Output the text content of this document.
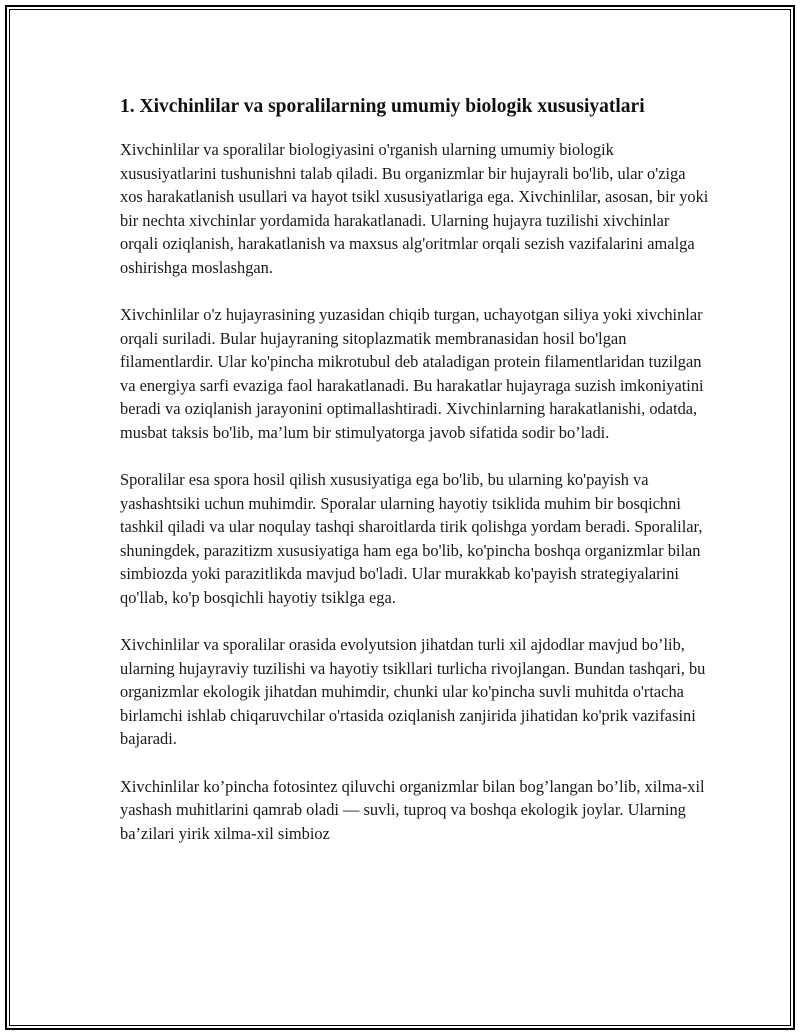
1. Xivchinlilar va sporalilarning umumiy biologik xususiyatlari

Xivchinlilar va sporalilar biologiyasini o'rganish ularning umumiy biologik xususiyatlarini tushunishni talab qiladi. Bu organizmlar bir hujayrali bo'lib, ular o'ziga xos harakatlanish usullari va hayot tsikl xususiyatlariga ega. Xivchinlilar, asosan, bir yoki bir nechta xivchinlar yordamida harakatlanadi. Ularning hujayra tuzilishi xivchinlar orqali oziqlanish, harakatlanish va maxsus alg'oritmlar orqali sezish vazifalarini amalga oshirishga moslashgan.

Xivchinlilar o'z hujayrasining yuzasidan chiqib turgan, uchayotgan siliya yoki xivchinlar orqali suriladi. Bular hujayraning sitoplazmatik membranasidan hosil bo'lgan filamentlardir. Ular ko'pincha mikrotubul deb ataladigan protein filamentlaridan tuzilgan va energiya sarfi evaziga faol harakatlanadi. Bu harakatlar hujayraga suzish imkoniyatini beradi va oziqlanish jarayonini optimallashtiradi. Xivchinlarning harakatlanishi, odatda, musbat taksis bo'lib, ma’lum bir stimulyatorga javob sifatida sodir bo’ladi.

Sporalilar esa spora hosil qilish xususiyatiga ega bo'lib, bu ularning ko'payish va yashashtsiki uchun muhimdir. Sporalar ularning hayotiy tsiklida muhim bir bosqichni tashkil qiladi va ular noqulay tashqi sharoitlarda tirik qolishga yordam beradi. Sporalilar, shuningdek, parazitizm xususiyatiga ham ega bo'lib, ko'pincha boshqa organizmlar bilan simbiozda yoki parazitlikda mavjud bo'ladi. Ular murakkab ko'payish strategiyalarini qo'llab, ko'p bosqichli hayotiy tsiklga ega.

Xivchinlilar va sporalilar orasida evolyutsion jihatdan turli xil ajdodlar mavjud bo’lib, ularning hujayraviy tuzilishi va hayotiy tsikllari turlicha rivojlangan. Bundan tashqari, bu organizmlar ekologik jihatdan muhimdir, chunki ular ko'pincha suvli muhitda o'rtacha birlamchi ishlab chiqaruvchilar o'rtasida oziqlanish zanjirida jihatidan ko'prik vazifasini bajaradi.

Xivchinlilar ko’pincha fotosintez qiluvchi organizmlar bilan bog’langan bo’lib, xilma-xil yashash muhitlarini qamrab oladi — suvli, tuproq va boshqa ekologik joylar. Ularning ba’zilari yirik xilma-xil simbioz
